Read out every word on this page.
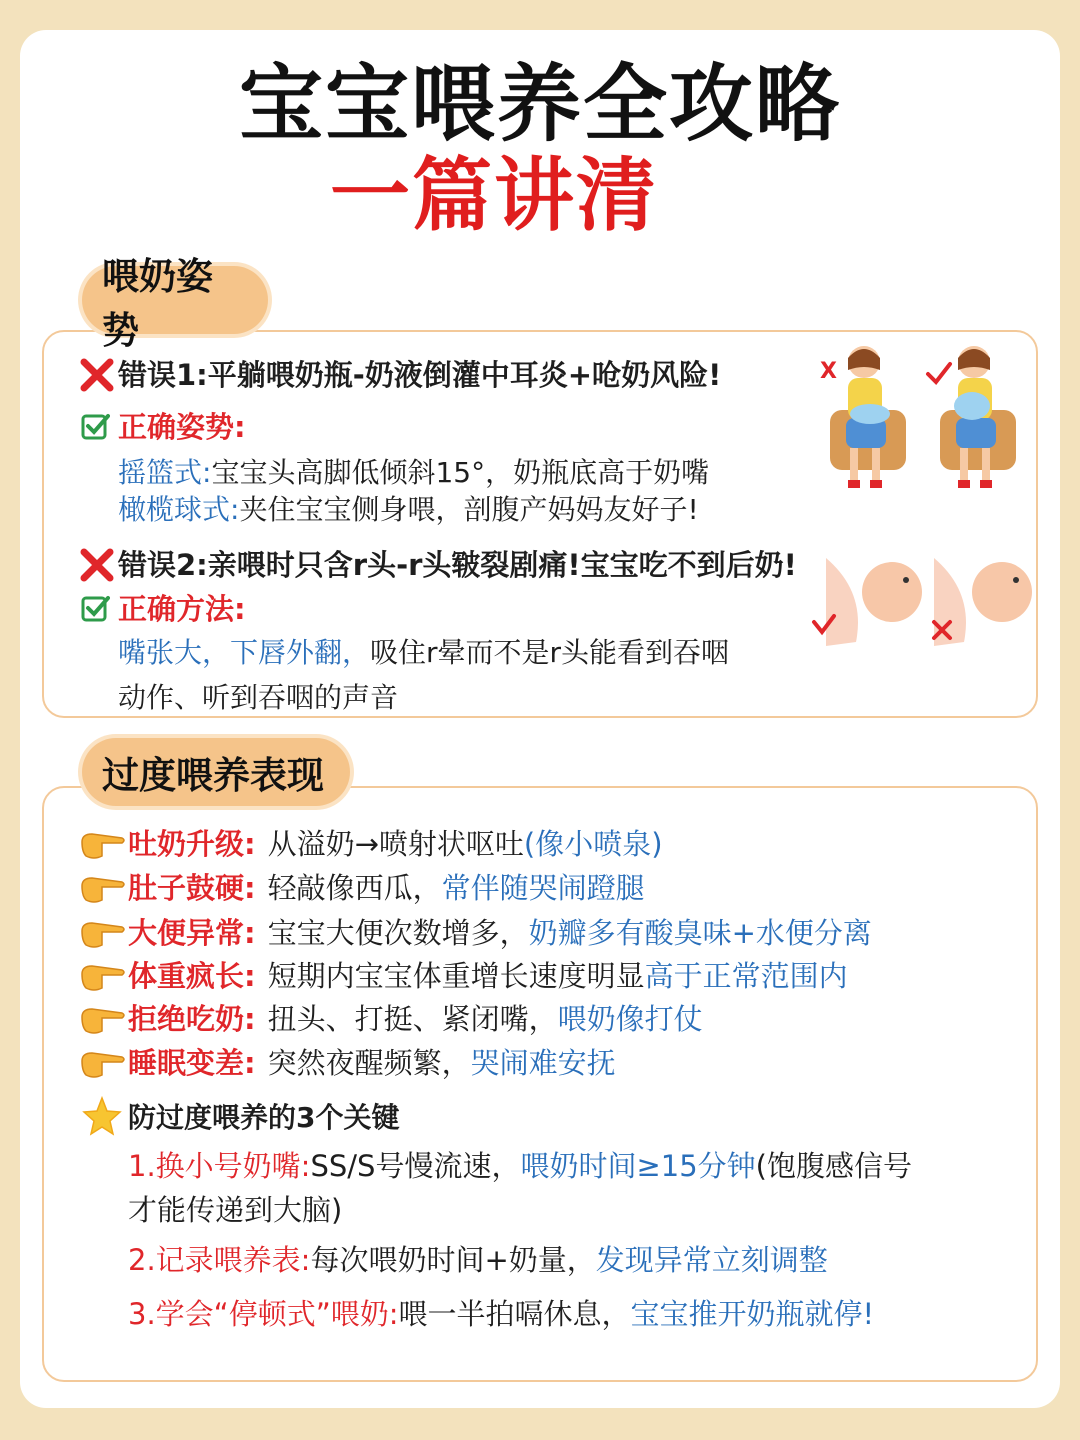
宝宝喂养全攻略
一篇讲清
喂奶姿势
错误1:平躺喂奶瓶-奶液倒灌中耳炎+呛奶风险!
正确姿势:
摇篮式:宝宝头高脚低倾斜15°，奶瓶底高于奶嘴
橄榄球式:夹住宝宝侧身喂，剖腹产妈妈友好子!
错误2:亲喂时只含r头-r头皲裂剧痛!宝宝吃不到后奶!
正确方法:
嘴张大，下唇外翻，吸住r晕而不是r头能看到吞咽
动作、听到吞咽的声音
X
过度喂养表现
吐奶升级: 从溢奶→喷射状呕吐(像小喷泉)
肚子鼓硬: 轻敲像西瓜，常伴随哭闹蹬腿
大便异常: 宝宝大便次数增多，奶瓣多有酸臭味+水便分离
体重疯长: 短期内宝宝体重增长速度明显高于正常范围内
拒绝吃奶: 扭头、打挺、紧闭嘴，喂奶像打仗
睡眠变差: 突然夜醒频繁，哭闹难安抚
防过度喂养的3个关键
1.换小号奶嘴:SS/S号慢流速，喂奶时间≥15分钟(饱腹感信号
才能传递到大脑)
2.记录喂养表:每次喂奶时间+奶量，发现异常立刻调整
3.学会“停顿式”喂奶:喂一半拍嗝休息，宝宝推开奶瓶就停!
